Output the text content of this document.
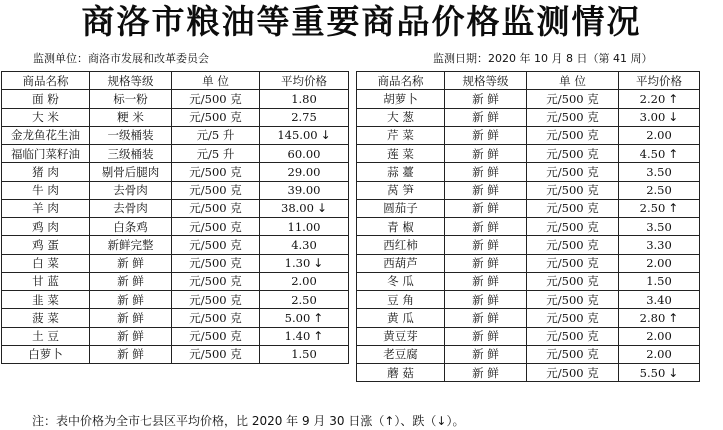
商洛市粮油等重要商品价格监测情况
监测单位：商洛市发展和改革委员会	监测日期：2020 年 10 月 8 日（第 41 周）
商品名称	规格等级	单 位	平均价格
面 粉	标一粉	元/500 克	1.80
大 米	粳 米	元/500 克	2.75
金龙鱼花生油	一级桶装	元/5 升	145.00 ↓
福临门菜籽油	三级桶装	元/5 升	60.00
猪 肉	剔骨后腿肉	元/500 克	29.00
牛 肉	去骨肉	元/500 克	39.00
羊 肉	去骨肉	元/500 克	38.00 ↓
鸡 肉	白条鸡	元/500 克	11.00
鸡 蛋	新鲜完整	元/500 克	4.30
白 菜	新 鲜	元/500 克	1.30 ↓
甘 蓝	新 鲜	元/500 克	2.00
韭 菜	新 鲜	元/500 克	2.50
菠 菜	新 鲜	元/500 克	5.00 ↑
土 豆	新 鲜	元/500 克	1.40 ↑
白萝卜	新 鲜	元/500 克	1.50
商品名称	规格等级	单 位	平均价格
胡萝卜	新 鲜	元/500 克	2.20 ↑
大 葱	新 鲜	元/500 克	3.00 ↓
芹 菜	新 鲜	元/500 克	2.00
莲 菜	新 鲜	元/500 克	4.50 ↑
蒜 薹	新 鲜	元/500 克	3.50
莴 笋	新 鲜	元/500 克	2.50
圆茄子	新 鲜	元/500 克	2.50 ↑
青 椒	新 鲜	元/500 克	3.50
西红柿	新 鲜	元/500 克	3.30
西葫芦	新 鲜	元/500 克	2.00
冬 瓜	新 鲜	元/500 克	1.50
豆 角	新 鲜	元/500 克	3.40
黄 瓜	新 鲜	元/500 克	2.80 ↑
黄豆芽	新 鲜	元/500 克	2.00
老豆腐	新 鲜	元/500 克	2.00
蘑 菇	新 鲜	元/500 克	5.50 ↓
注：表中价格为全市七县区平均价格，比 2020 年 9 月 30 日涨（↑）、跌（↓）。
